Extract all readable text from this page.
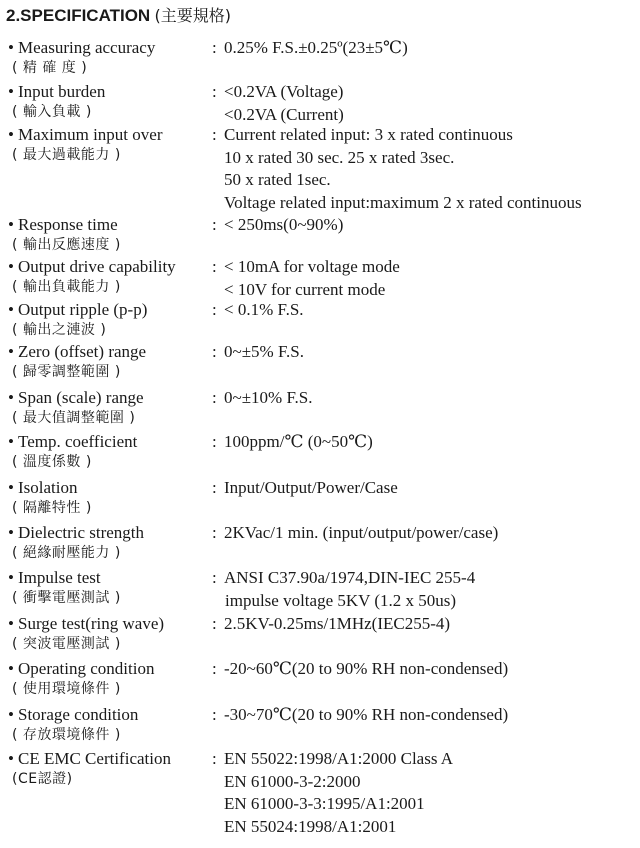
2.SPECIFICATION (主要規格)
• Measuring accuracy
( 精 確 度 )
: 0.25% F.S.±0.25º(23±5℃)
• Input burden
( 輸入負載 )
: <0.2VA (Voltage)
<0.2VA (Current)
• Maximum input over
( 最大過載能力 )
: Current related input: 3 x rated continuous
10 x rated 30 sec. 25 x rated 3sec.
50 x rated 1sec.
Voltage related input:maximum 2 x rated continuous
• Response time
( 輸出反應速度 )
: < 250ms(0~90%)
• Output drive capability
( 輸出負載能力 )
: < 10mA for voltage mode
< 10V for current mode
• Output ripple (p-p)
( 輸出之漣波 )
: < 0.1% F.S.
• Zero (offset) range
( 歸零調整範圍 )
: 0~±5% F.S.
• Span (scale) range
( 最大值調整範圍 )
: 0~±10% F.S.
• Temp. coefficient
( 溫度係數 )
: 100ppm/℃ (0~50℃)
• Isolation
( 隔離特性 )
: Input/Output/Power/Case
• Dielectric strength
( 絕緣耐壓能力 )
: 2KVac/1 min. (input/output/power/case)
• Impulse test
( 衝擊電壓測試 )
: ANSI C37.90a/1974,DIN-IEC 255-4
impulse voltage 5KV (1.2 x 50us)
• Surge test(ring wave)
( 突波電壓測試 )
: 2.5KV-0.25ms/1MHz(IEC255-4)
• Operating condition
( 使用環境條件 )
: -20~60℃(20 to 90% RH non-condensed)
• Storage condition
( 存放環境條件 )
: -30~70℃(20 to 90% RH non-condensed)
• CE EMC Certification
(CE認證)
: EN 55022:1998/A1:2000 Class A
EN 61000-3-2:2000
EN 61000-3-3:1995/A1:2001
EN 55024:1998/A1:2001
